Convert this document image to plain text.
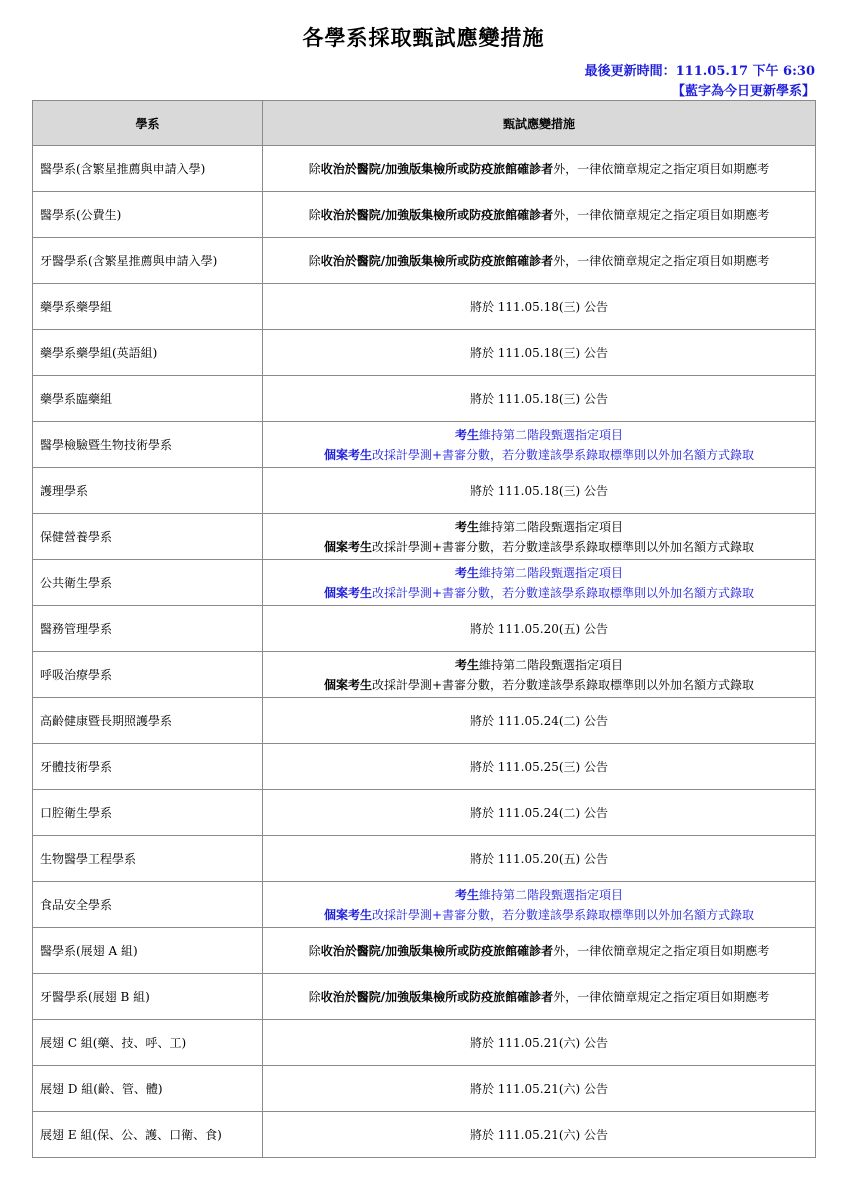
各學系採取甄試應變措施
最後更新時間：111.05.17 下午 6:30
【藍字為今日更新學系】
學系	甄試應變措施
醫學系(含繁星推薦與申請入學)	除收治於醫院/加強版集檢所或防疫旅館確診者外，一律依簡章規定之指定項目如期應考
醫學系(公費生)	除收治於醫院/加強版集檢所或防疫旅館確診者外，一律依簡章規定之指定項目如期應考
牙醫學系(含繁星推薦與申請入學)	除收治於醫院/加強版集檢所或防疫旅館確診者外，一律依簡章規定之指定項目如期應考
藥學系藥學組	將於 111.05.18(三) 公告
藥學系藥學組(英語組)	將於 111.05.18(三) 公告
藥學系臨藥組	將於 111.05.18(三) 公告
醫學檢驗暨生物技術學系	考生維持第二階段甄選指定項目
個案考生改採計學測+書審分數，若分數達該學系錄取標準則以外加名額方式錄取

護理學系	將於 111.05.18(三) 公告
保健營養學系	考生維持第二階段甄選指定項目
個案考生改採計學測+書審分數，若分數達該學系錄取標準則以外加名額方式錄取

公共衛生學系	考生維持第二階段甄選指定項目
個案考生改採計學測+書審分數，若分數達該學系錄取標準則以外加名額方式錄取

醫務管理學系	將於 111.05.20(五) 公告
呼吸治療學系	考生維持第二階段甄選指定項目
個案考生改採計學測+書審分數，若分數達該學系錄取標準則以外加名額方式錄取

高齡健康暨長期照護學系	將於 111.05.24(二) 公告
牙體技術學系	將於 111.05.25(三) 公告
口腔衛生學系	將於 111.05.24(二) 公告
生物醫學工程學系	將於 111.05.20(五) 公告
食品安全學系	考生維持第二階段甄選指定項目
個案考生改採計學測+書審分數，若分數達該學系錄取標準則以外加名額方式錄取

醫學系(展翅 A 組)	除收治於醫院/加強版集檢所或防疫旅館確診者外，一律依簡章規定之指定項目如期應考
牙醫學系(展翅 B 組)	除收治於醫院/加強版集檢所或防疫旅館確診者外，一律依簡章規定之指定項目如期應考
展翅 C 組(藥、技、呼、工)	將於 111.05.21(六) 公告
展翅 D 組(齡、管、體)	將於 111.05.21(六) 公告
展翅 E 組(保、公、護、口衛、食)	將於 111.05.21(六) 公告
